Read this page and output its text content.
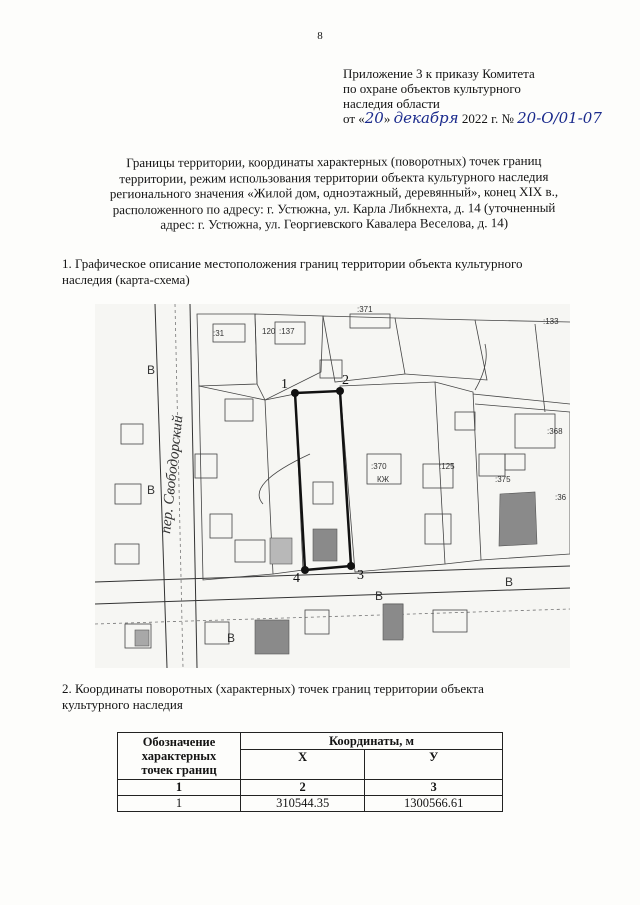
8
Приложение 3 к приказу Комитета
по охране объектов культурного
наследия области
от «20» декабря 2022 г. № 20-О/01-07
Границы территории, координаты характерных (поворотных) точек границ
территории, режим использования территории объекта культурного наследия
регионального значения «Жилой дом, одноэтажный, деревянный», конец XIX в.,
расположенного по адресу: г. Устюжна, ул. Карла Либкнехта, д. 14 (уточненный
адрес: г. Устюжна, ул. Георгиевского Кавалера Веселова, д. 14)
1. Графическое описание местоположения границ территории объекта культурного
наследия (карта-схема)
:31	:137
120
:371
:133
:368
:370	:125
:375
:36
КЖ
В
В
В
В
В
пер. Свободорский
1	2
3
4
2. Координаты поворотных (характерных) точек границ территории объекта
культурного наследия
Обозначение
характерных
точек границ	Координаты, м	
	X	У
1	2	3
1	310544.35	1300566.61
